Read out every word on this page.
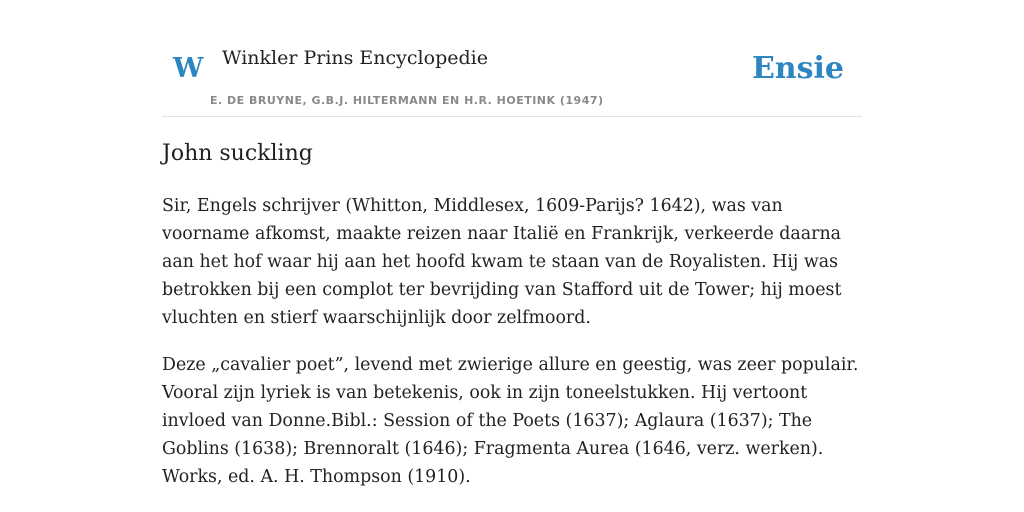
W Winkler Prins Encyclopedie
E. DE BRUYNE, G.B.J. HILTERMANN EN H.R. HOETINK (1947)
Ensie
John suckling

Sir, Engels schrijver (Whitton, Middlesex, 1609-Parijs? 1642), was van voorname afkomst, maakte reizen naar Italië en Frankrijk, verkeerde daarna aan het hof waar hij aan het hoofd kwam te staan van de Royalisten. Hij was betrokken bij een complot ter bevrijding van Stafford uit de Tower; hij moest vluchten en stierf waarschijnlijk door zelfmoord.

Deze „cavalier poet”, levend met zwierige allure en geestig, was zeer populair. Vooral zijn lyriek is van betekenis, ook in zijn toneelstukken. Hij vertoont invloed van Donne.Bibl.: Session of the Poets (1637); Aglaura (1637); The Goblins (1638); Brennoralt (1646); Fragmenta Aurea (1646, verz. werken). Works, ed. A. H. Thompson (1910).
